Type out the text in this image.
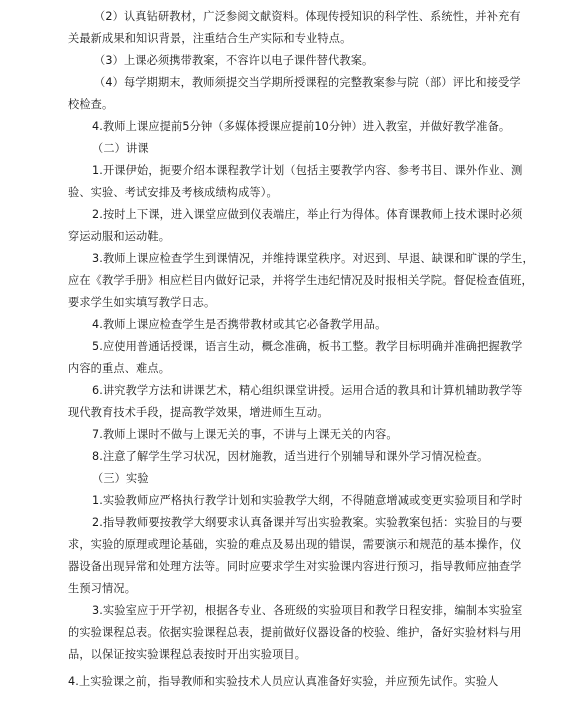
（2）认真钻研教材，广泛参阅文献资料。体现传授知识的科学性、系统性，并补充有
关最新成果和知识背景，注重结合生产实际和专业特点。
（3）上课必须携带教案，不容许以电子课件替代教案。
（4）每学期期末，教师须提交当学期所授课程的完整教案参与院（部）评比和接受学
校检查。
4.教师上课应提前5分钟（多媒体授课应提前10分钟）进入教室，并做好教学准备。
（二）讲课
1.开课伊始，扼要介绍本课程教学计划（包括主要教学内容、参考书目、课外作业、测
验、实验、考试安排及考核成绩构成等）。
2.按时上下课，进入课堂应做到仪表端庄，举止行为得体。体育课教师上技术课时必须
穿运动服和运动鞋。
3.教师上课应检查学生到课情况，并维持课堂秩序。对迟到、早退、缺课和旷课的学生，
应在《教学手册》相应栏目内做好记录，并将学生违纪情况及时报相关学院。督促检查值班，
要求学生如实填写教学日志。
4.教师上课应检查学生是否携带教材或其它必备教学用品。
5.应使用普通话授课，语言生动，概念准确，板书工整。教学目标明确并准确把握教学
内容的重点、难点。
6.讲究教学方法和讲课艺术，精心组织课堂讲授。运用合适的教具和计算机辅助教学等
现代教育技术手段，提高教学效果，增进师生互动。
7.教师上课时不做与上课无关的事，不讲与上课无关的内容。
8.注意了解学生学习状况，因材施教，适当进行个别辅导和课外学习情况检查。
（三）实验
1.实验教师应严格执行教学计划和实验教学大纲，不得随意增减或变更实验项目和学时
2.指导教师要按教学大纲要求认真备课并写出实验教案。实验教案包括：实验目的与要
求，实验的原理或理论基础，实验的难点及易出现的错误，需要演示和规范的基本操作，仪
器设备出现异常和处理方法等。同时应要求学生对实验课内容进行预习，指导教师应抽查学
生预习情况。
3.实验室应于开学初，根据各专业、各班级的实验项目和教学日程安排，编制本实验室
的实验课程总表。依据实验课程总表，提前做好仪器设备的校验、维护，备好实验材料与用
品，以保证按实验课程总表按时开出实验项目。
4.上实验课之前，指导教师和实验技术人员应认真准备好实验，并应预先试作。实验人
